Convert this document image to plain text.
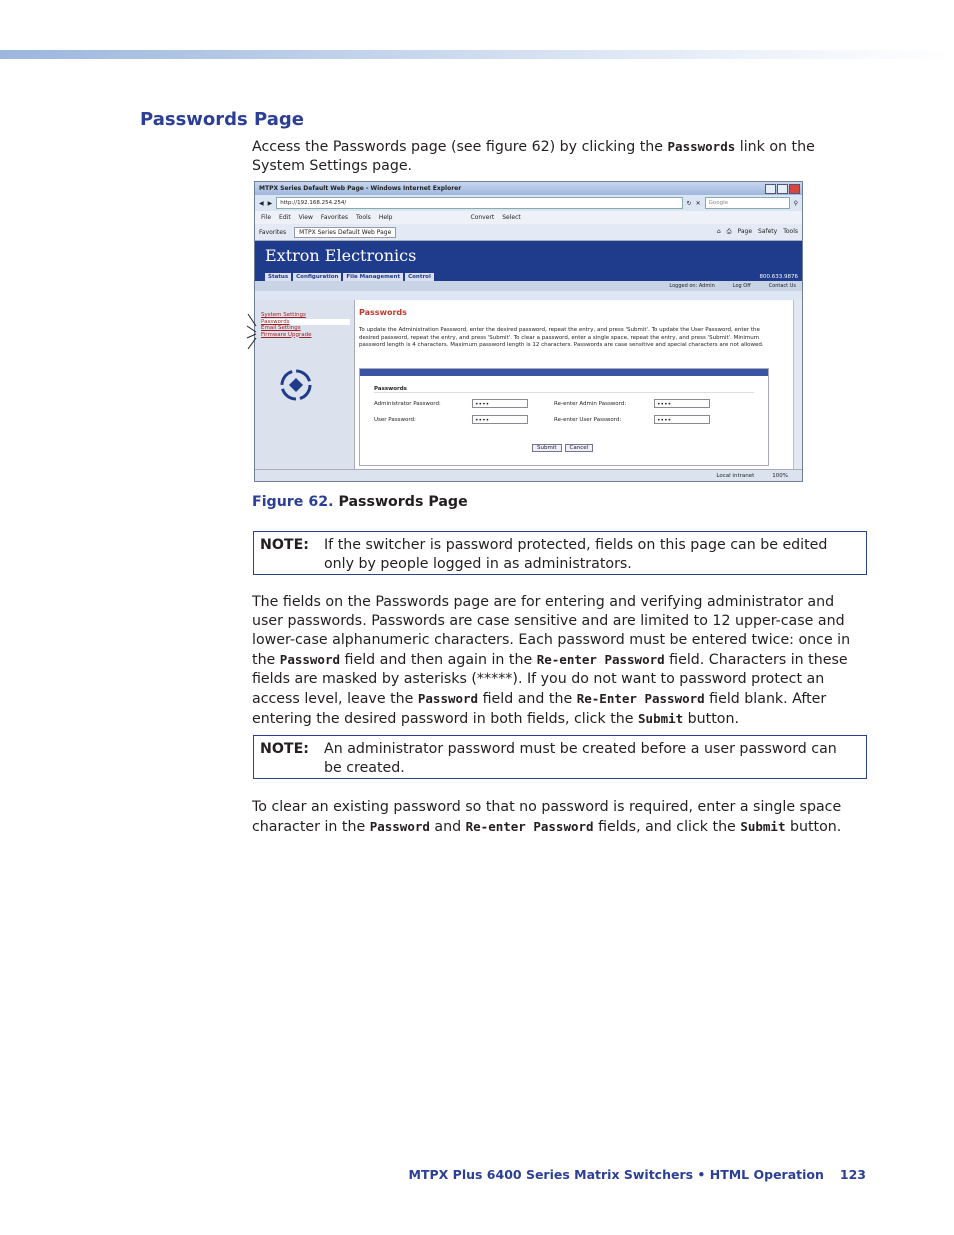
Passwords Page
Access the Passwords page (see figure 62) by clicking the Passwords link on the System Settings page.
MTPX Series Default Web Page - Windows Internet Explorer
◀ ▶	http://192.168.254.254/	↻ ✕	Google	⚲
File Edit View Favorites Tools Help	Convert Select
Favorites	MTPX Series Default Web Page	⌂ ⎙ Page Safety Tools
Extron Electronics
Status	Configuration	File Management	Control	800.633.9876
Logged on: Admin	Log Off	Contact Us
System Settings
Passwords
Email Settings
Firmware Upgrade
Passwords

To update the Administration Password, enter the desired password, repeat the entry, and press 'Submit'. To update the User Password, enter the desired password, repeat the entry, and press 'Submit'. To clear a password, enter a single space, repeat the entry, and press 'Submit'. Minimum password length is 4 characters. Maximum password length is 12 characters. Passwords are case sensitive and special characters are not allowed.

Passwords
Administrator Password:	••••	Re-enter Admin Password:	••••
User Password:	••••	Re-enter User Password:	••••
Submit	Cancel
Local intranet	100%
Figure 62. Passwords Page
NOTE:	If the switcher is password protected, fields on this page can be edited only by people logged in as administrators.
The fields on the Passwords page are for entering and verifying administrator and user passwords. Passwords are case sensitive and are limited to 12 upper-case and lower-case alphanumeric characters. Each password must be entered twice: once in the Password field and then again in the Re-enter Password field. Characters in these fields are masked by asterisks (*****). If you do not want to password protect an access level, leave the Password field and the Re-Enter Password field blank. After entering the desired password in both fields, click the Submit button.
NOTE:	An administrator password must be created before a user password can be created.
To clear an existing password so that no password is required, enter a single space character in the Password and Re-enter Password fields, and click the Submit button.
MTPX Plus 6400 Series Matrix Switchers • HTML Operation 123
